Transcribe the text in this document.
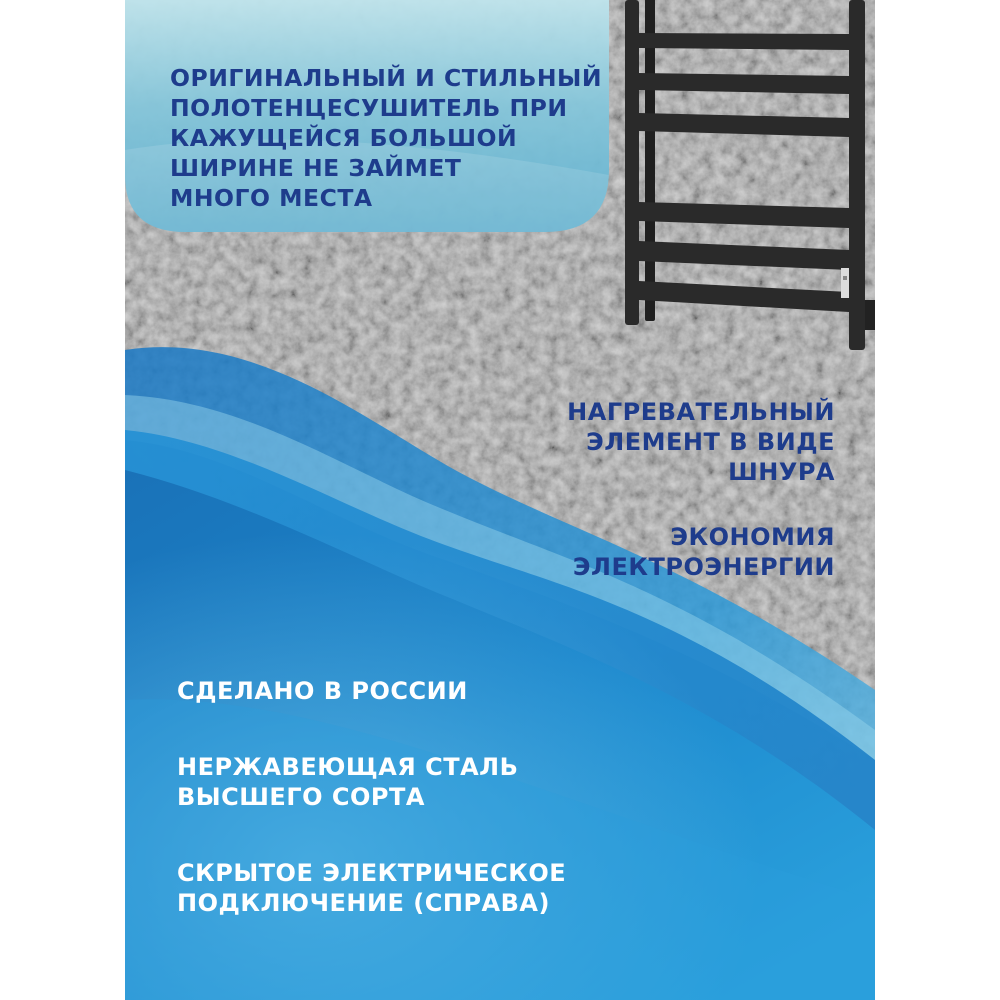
ОРИГИНАЛЬНЫЙ И СТИЛЬНЫЙ
ПОЛОТЕНЦЕСУШИТЕЛЬ ПРИ
КАЖУЩЕЙСЯ БОЛЬШОЙ
ШИРИНЕ НЕ ЗАЙМЕТ
МНОГО МЕСТА

НАГРЕВАТЕЛЬНЫЙ
ЭЛЕМЕНТ В ВИДЕ
ШНУРА

ЭКОНОМИЯ
ЭЛЕКТРОЭНЕРГИИ

СДЕЛАНО В РОССИИ

НЕРЖАВЕЮЩАЯ СТАЛЬ
ВЫСШЕГО СОРТА

СКРЫТОЕ ЭЛЕКТРИЧЕСКОЕ
ПОДКЛЮЧЕНИЕ (СПРАВА)
